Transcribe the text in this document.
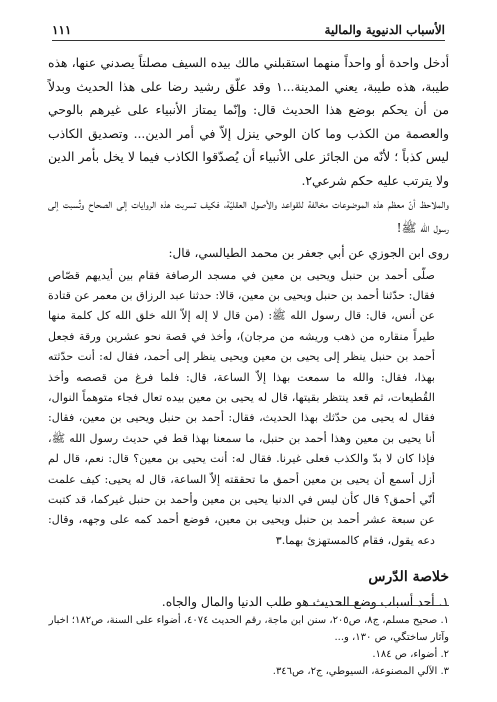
الأسباب الدنيوية والمالية
١١١

أدخل واحدة أو واحداً منهما استقبلني مالك بيده السيف مصلتاً يصدني عنها، هذه طيبة، هذه طيبة، يعني المدينة...١ وقد علّق رشيد رضا على هذا الحديث وبدلاً من أن يحكم بوضع هذا الحديث قال: وإنّما يمتاز الأنبياء على غيرهم بالوحي والعصمة من الكذب وما كان الوحي ينزل إلاّ في أمر الدين... وتصديق الكاذب ليس كذباً ؛ لأنّه من الجائز على الأنبياء أن يُصدّقوا الكاذب فيما لا يخل بأمر الدين ولا يترتب عليه حكم شرعي٢.

والملاحظ أنّ معظم هذه الموضوعات مخالفة للقواعد والأصول العقليّة، فكيف تسربت هذه الروايات إلى الصحاح وتُسبت إلى رسول الله ﷺ!

روى ابن الجوزي عن أبي جعفر بن محمد الطيالسي، قال:

صلّى أحمد بن حنبل ويحيى بن معين في مسجد الرصافة فقام بين أيديهم قصّاص فقال: حدّثنا أحمد بن حنبل ويحيى بن معين، قالا: حدثنا عبد الرزاق بن معمر عن قتادة عن أنس، قال: قال رسول الله ﷺ: (من قال لا إله إلاّ الله خلق الله كل كلمة منها طيراً منقاره من ذهب وريشه من مرجان)، وأخذ في قصة نحو عشرين ورقة فجعل أحمد بن حنبل ينظر إلى يحيى بن معين ويحيى ينظر إلى أحمد، فقال له: أنت حدّثته بهذا، فقال: والله ما سمعت بهذا إلاّ الساعة، قال: فلما فرغ من قصصه وأخذ القُطيعات، ثم قعد ينتظر بقيتها، قال له يحيى بن معين بيده تعال فجاء متوهماً النوال، فقال له يحيى من حدّثك بهذا الحديث، فقال: أحمد بن حنبل ويحيى بن معين، فقال: أنا يحيى بن معين وهذا أحمد بن حنبل، ما سمعنا بهذا قط في حديث رسول الله ﷺ، فإذا كان لا بدّ والكذب فعلى غيرنا. فقال له: أنت يحيى بن معين؟ قال: نعم، قال لم أزل أسمع أن يحيى بن معين أحمق ما تحققته إلاّ الساعة، قال له يحيى: كيف علمت أنّي أحمق؟ قال كأن ليس في الدنيا يحيى بن معين وأحمد بن حنبل غيركما، قد كتبت عن سبعة عشر أحمد بن حنبل ويحيى بن معين، فوضع أحمد كمه على وجهه، وقال: دعه يقول، فقام كالمستهزئ بهما.٣

خلاصة الدّرس
١. أحد أسباب وضع الحديث هو طلب الدنيا والمال والجاه.

١. صحيح مسلم، ج٨، ص٢٠٥، سنن ابن ماجة، رقم الحديث ٤٠٧٤، أضواء على السنة، ص١٨٢؛ اخبار وآثار ساختگي، ص ١٣٠، و...

٢. أضواء، ص ١٨٤.

٣. الآلي المصنوعة، السيوطي، ج٢، ص٣٤٦.
